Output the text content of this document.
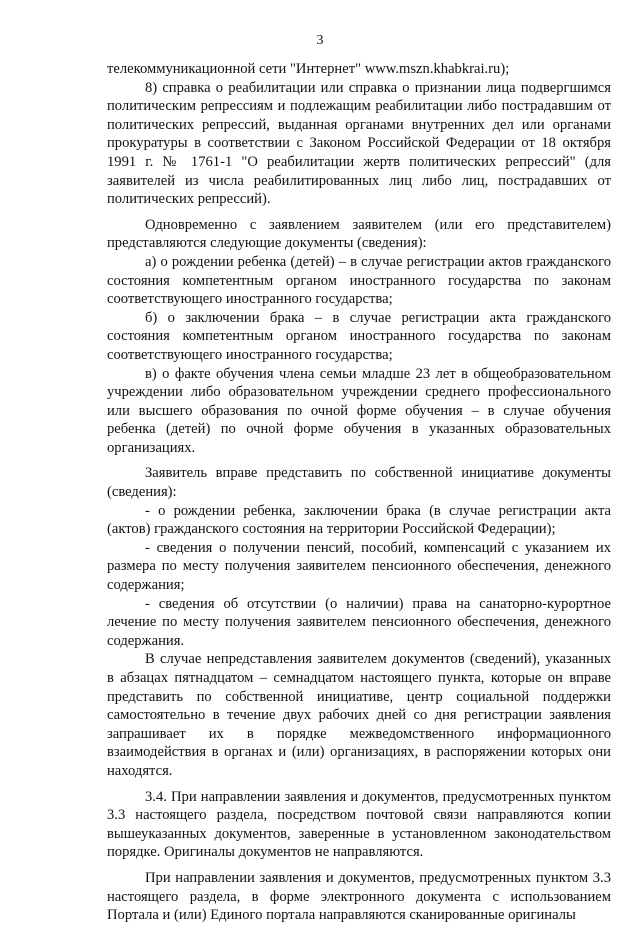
3

телекоммуникационной сети "Интернет" www.mszn.khabkrai.ru);

8) справка о реабилитации или справка о признании лица подвергшимся политическим репрессиям и подлежащим реабилитации либо пострадавшим от политических репрессий, выданная органами внутренних дел или органами прокуратуры в соответствии с Законом Российской Федерации от 18 октября 1991 г. № 1761-1 "О реабилитации жертв политических репрессий" (для заявителей из числа реабилитированных лиц либо лиц, пострадавших от политических репрессий).

Одновременно с заявлением заявителем (или его представителем) представляются следующие документы (сведения):

а) о рождении ребенка (детей) – в случае регистрации актов гражданского состояния компетентным органом иностранного государства по законам соответствующего иностранного государства;

б) о заключении брака – в случае регистрации акта гражданского состояния компетентным органом иностранного государства по законам соответствующего иностранного государства;

в) о факте обучения члена семьи младше 23 лет в общеобразовательном учреждении либо образовательном учреждении среднего профессионального или высшего образования по очной форме обучения – в случае обучения ребенка (детей) по очной форме обучения в указанных образовательных организациях.

Заявитель вправе представить по собственной инициативе документы (сведения):

- о рождении ребенка, заключении брака (в случае регистрации акта (актов) гражданского состояния на территории Российской Федерации);

- сведения о получении пенсий, пособий, компенсаций с указанием их размера по месту получения заявителем пенсионного обеспечения, денежного содержания;

- сведения об отсутствии (о наличии) права на санаторно-курортное лечение по месту получения заявителем пенсионного обеспечения, денежного содержания.

В случае непредставления заявителем документов (сведений), указанных в абзацах пятнадцатом – семнадцатом настоящего пункта, которые он вправе представить по собственной инициативе, центр социальной поддержки самостоятельно в течение двух рабочих дней со дня регистрации заявления запрашивает их в порядке межведомственного информационного взаимодействия в органах и (или) организациях, в распоряжении которых они находятся.

3.4. При направлении заявления и документов, предусмотренных пунктом 3.3 настоящего раздела, посредством почтовой связи направляются копии вышеуказанных документов, заверенные в установленном законодательством порядке. Оригиналы документов не направляются.

При направлении заявления и документов, предусмотренных пунктом 3.3 настоящего раздела, в форме электронного документа с использованием Портала и (или) Единого портала направляются сканированные оригиналы
